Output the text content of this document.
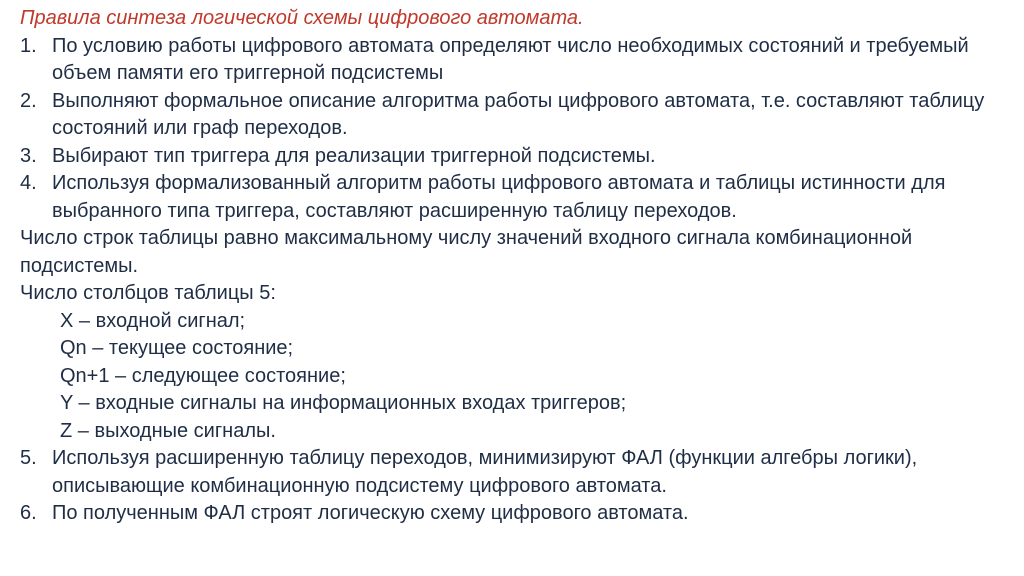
Правила синтеза логической схемы цифрового автомата.

1. По условию работы цифрового автомата определяют число необходимых состояний и требуемый объем памяти его триггерной подсистемы
2. Выполняют формальное описание алгоритма работы цифрового автомата, т.е. составляют таблицу состояний или граф переходов.
3. Выбирают тип триггера для реализации триггерной подсистемы.
4. Используя формализованный алгоритм работы цифрового автомата и таблицы истинности для выбранного типа триггера, составляют расширенную таблицу переходов.

Число строк таблицы равно максимальному числу значений входного сигнала комбинационной подсистемы.

Число столбцов таблицы 5:

X – входной сигнал;
Qn – текущее состояние;
Qn+1 – следующее состояние;
Y – входные сигналы на информационных входах триггеров;
Z – выходные сигналы.
5. Используя расширенную таблицу переходов, минимизируют ФАЛ (функции алгебры логики), описывающие комбинационную подсистему цифрового автомата.
6. По полученным ФАЛ строят логическую схему цифрового автомата.
